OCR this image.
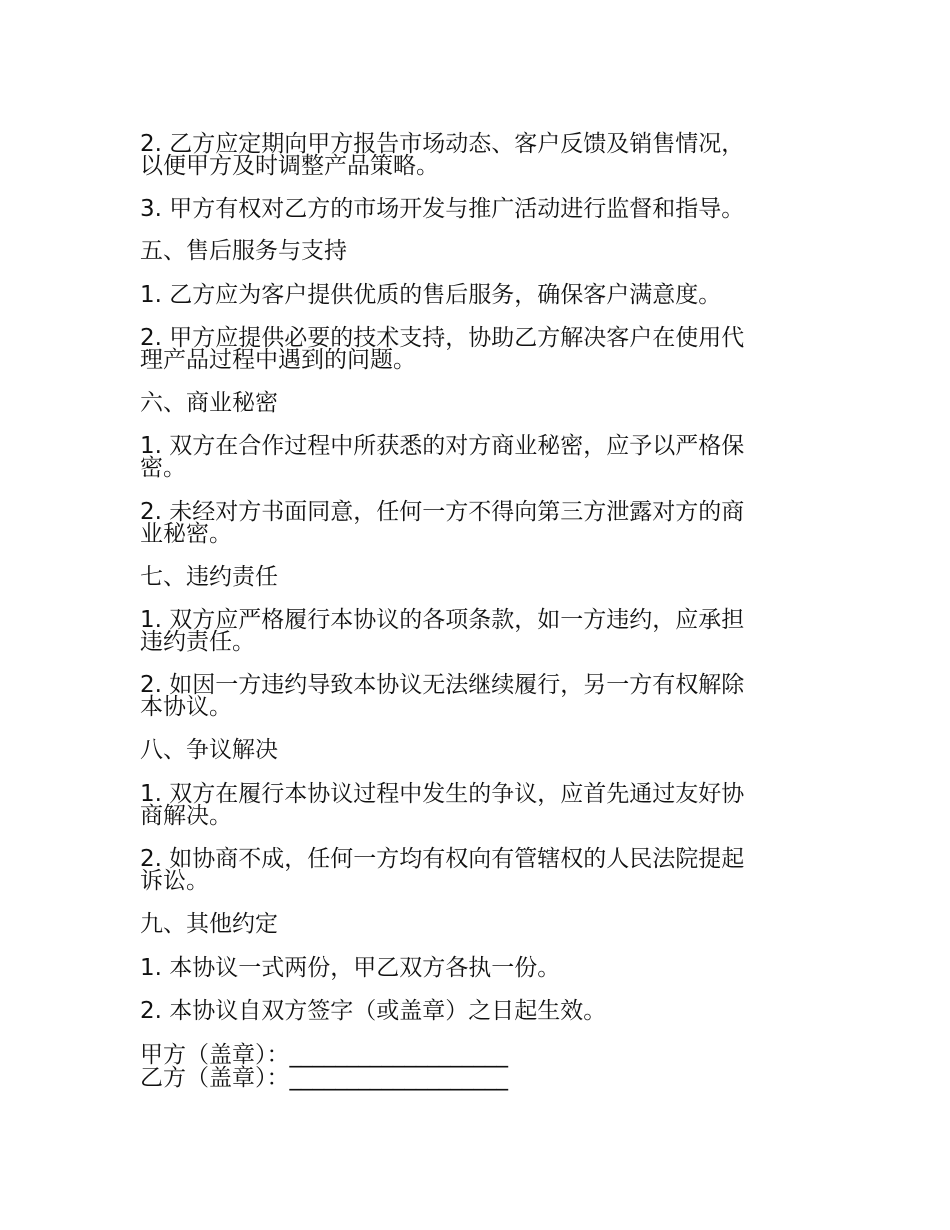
2. 乙方应定期向甲方报告市场动态、客户反馈及销售情况，
以便甲方及时调整产品策略。
3. 甲方有权对乙方的市场开发与推广活动进行监督和指导。
五、售后服务与支持
1. 乙方应为客户提供优质的售后服务，确保客户满意度。
2. 甲方应提供必要的技术支持，协助乙方解决客户在使用代
理产品过程中遇到的问题。
六、商业秘密
1. 双方在合作过程中所获悉的对方商业秘密，应予以严格保
密。
2. 未经对方书面同意，任何一方不得向第三方泄露对方的商
业秘密。
七、违约责任
1. 双方应严格履行本协议的各项条款，如一方违约，应承担
违约责任。
2. 如因一方违约导致本协议无法继续履行，另一方有权解除
本协议。
八、争议解决
1. 双方在履行本协议过程中发生的争议，应首先通过友好协
商解决。
2. 如协商不成，任何一方均有权向有管辖权的人民法院提起
诉讼。
九、其他约定
1. 本协议一式两份，甲乙双方各执一份。
2. 本协议自双方签字（或盖章）之日起生效。
甲方（盖章）：___________________
乙方（盖章）：___________________
